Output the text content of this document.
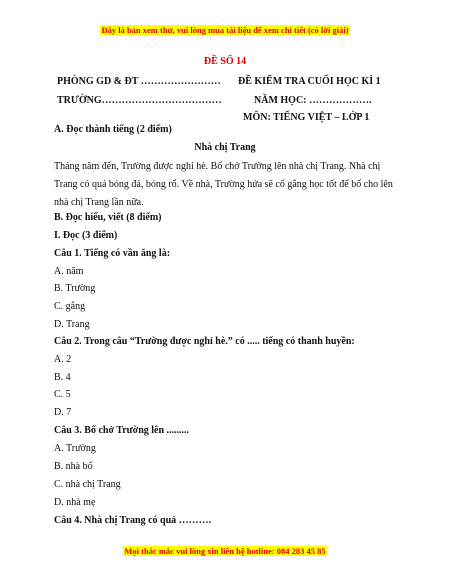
Đây là bản xem thử, vui lòng mua tài liệu để xem chi tiết (có lời giải)
ĐỀ SỐ 14
PHÒNG GD & ĐT …………………… ĐỀ KIỂM TRA CUỐI HỌC KÌ 1
TRƯỜNG………………………………	NĂM HỌC: ……………….
MÔN: TIẾNG VIỆT – LỚP 1
A. Đọc thành tiếng (2 điểm)
Nhà chị Trang
Tháng năm đến, Trường được nghỉ hè. Bố chở Trường lên nhà chị Trang. Nhà chị Trang có quả bóng đá, bóng rổ. Về nhà, Trường hứa sẽ cố gắng học tốt để bố cho lên nhà chị Trang lần nữa.
B. Đọc hiểu, viết (8 điểm)
I. Đọc (3 điểm)
Câu 1. Tiếng có vần ăng là:
A. năm
B. Trường
C. gắng
D. Trang
Câu 2. Trong câu “Trường được nghỉ hè.” có ..... tiếng có thanh huyền:
A. 2
B. 4
C. 5
D. 7
Câu 3. Bố chở Trường lên .........
A. Trường
B. nhà bố
C. nhà chị Trang
D. nhà mẹ
Câu 4. Nhà chị Trang có quả ……….
Mọi thắc mắc vui lòng xin liên hệ hotline: 084 283 45 85
